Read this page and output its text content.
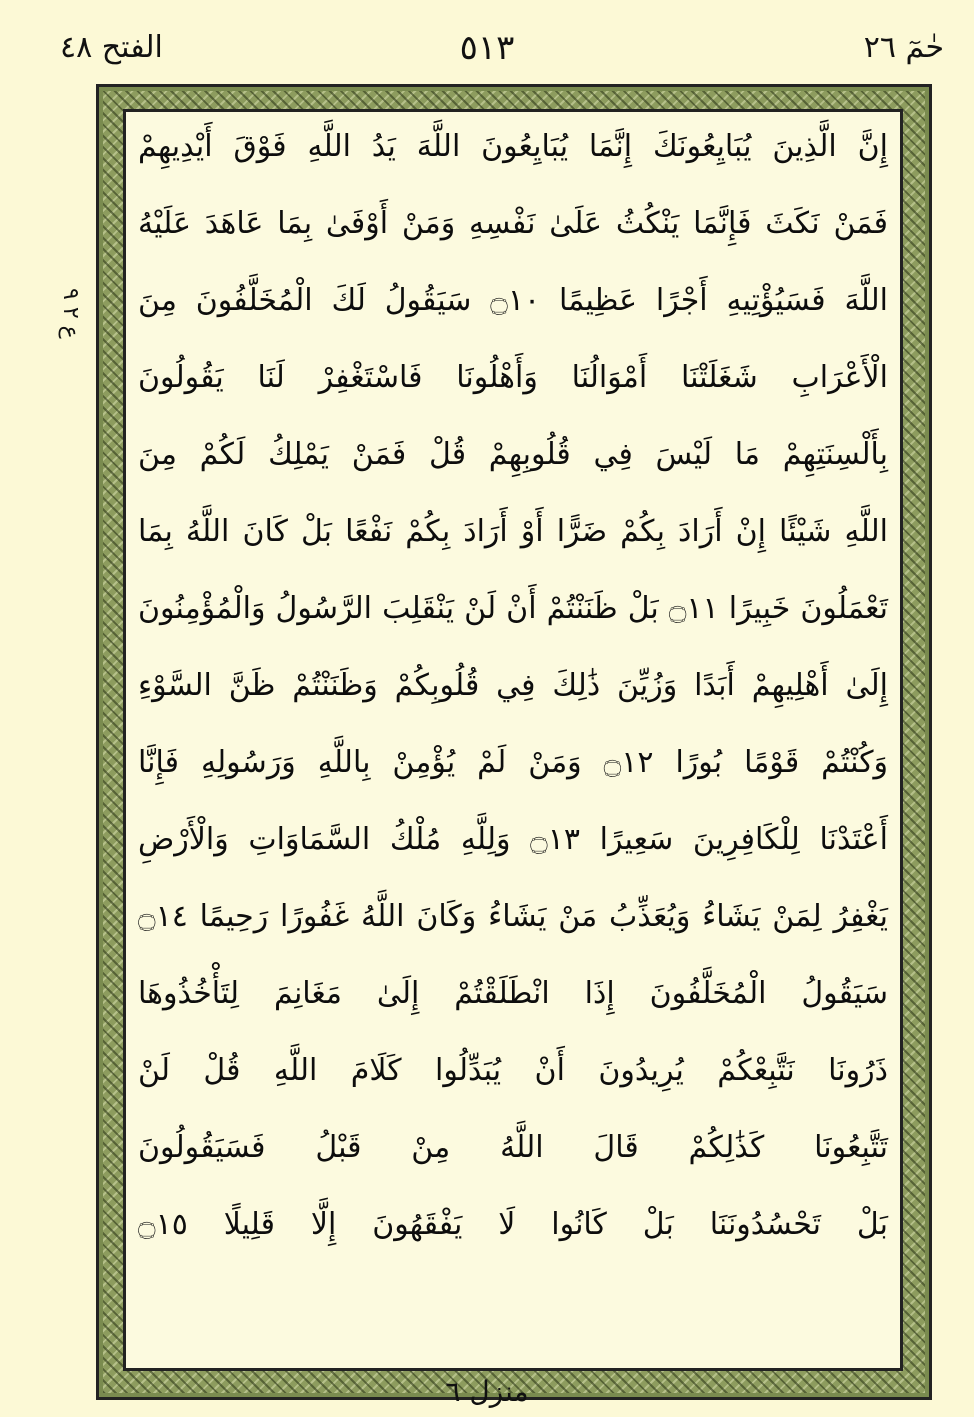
حٰمٓ ٢٦
٥١٣
الفتح ٤٨
ع ٢ ٩
إِنَّ الَّذِينَ يُبَايِعُونَكَ إِنَّمَا يُبَايِعُونَ اللَّهَ يَدُ اللَّهِ فَوْقَ أَيْدِيهِمْ
فَمَنْ نَكَثَ فَإِنَّمَا يَنْكُثُ عَلَىٰ نَفْسِهِ وَمَنْ أَوْفَىٰ بِمَا عَاهَدَ عَلَيْهُ
اللَّهَ فَسَيُؤْتِيهِ أَجْرًا عَظِيمًا ۝١٠ سَيَقُولُ لَكَ الْمُخَلَّفُونَ مِنَ
الْأَعْرَابِ شَغَلَتْنَا أَمْوَالُنَا وَأَهْلُونَا فَاسْتَغْفِرْ لَنَا يَقُولُونَ
بِأَلْسِنَتِهِمْ مَا لَيْسَ فِي قُلُوبِهِمْ قُلْ فَمَنْ يَمْلِكُ لَكُمْ مِنَ
اللَّهِ شَيْئًا إِنْ أَرَادَ بِكُمْ ضَرًّا أَوْ أَرَادَ بِكُمْ نَفْعًا بَلْ كَانَ اللَّهُ بِمَا
تَعْمَلُونَ خَبِيرًا ۝١١ بَلْ ظَنَنْتُمْ أَنْ لَنْ يَنْقَلِبَ الرَّسُولُ وَالْمُؤْمِنُونَ
إِلَىٰ أَهْلِيهِمْ أَبَدًا وَزُيِّنَ ذَٰلِكَ فِي قُلُوبِكُمْ وَظَنَنْتُمْ ظَنَّ السَّوْءِ
وَكُنْتُمْ قَوْمًا بُورًا ۝١٢ وَمَنْ لَمْ يُؤْمِنْ بِاللَّهِ وَرَسُولِهِ فَإِنَّا
أَعْتَدْنَا لِلْكَافِرِينَ سَعِيرًا ۝١٣ وَلِلَّهِ مُلْكُ السَّمَاوَاتِ وَالْأَرْضِ
يَغْفِرُ لِمَنْ يَشَاءُ وَيُعَذِّبُ مَنْ يَشَاءُ وَكَانَ اللَّهُ غَفُورًا رَحِيمًا ۝١٤
سَيَقُولُ الْمُخَلَّفُونَ إِذَا انْطَلَقْتُمْ إِلَىٰ مَغَانِمَ لِتَأْخُذُوهَا
ذَرُونَا نَتَّبِعْكُمْ يُرِيدُونَ أَنْ يُبَدِّلُوا كَلَامَ اللَّهِ قُلْ لَنْ
تَتَّبِعُونَا كَذَٰلِكُمْ قَالَ اللَّهُ مِنْ قَبْلُ فَسَيَقُولُونَ
بَلْ تَحْسُدُونَنَا بَلْ كَانُوا لَا يَفْقَهُونَ إِلَّا قَلِيلًا ۝١٥
منزل ٦
